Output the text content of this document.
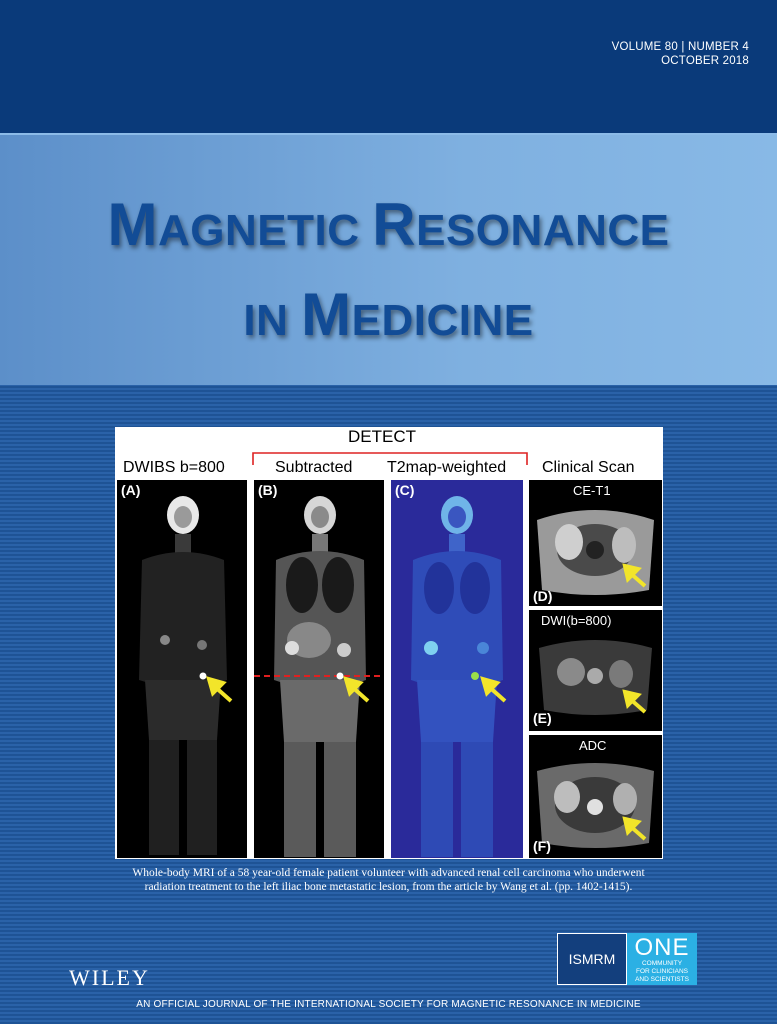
VOLUME 80 | NUMBER 4
OCTOBER 2018
MAGNETIC RESONANCE
IN MEDICINE
DETECT
DWIBS b=800	Subtracted T2map-weighted Clinical Scan
(A)	(B)	(C)	CE-T1
(D)
DWI(b=800)
(E)
ADC
(F)
Whole-body MRI of a 58 year-old female patient volunteer with advanced renal cell carcinoma who underwent
radiation treatment to the left iliac bone metastatic lesion, from the article by Wang et al. (pp. 1402-1415).
WILEY
ISMRM ONE
COMMUNITY
FOR CLINICIANS
AND SCIENTISTS
AN OFFICIAL JOURNAL OF THE INTERNATIONAL SOCIETY FOR MAGNETIC RESONANCE IN MEDICINE
